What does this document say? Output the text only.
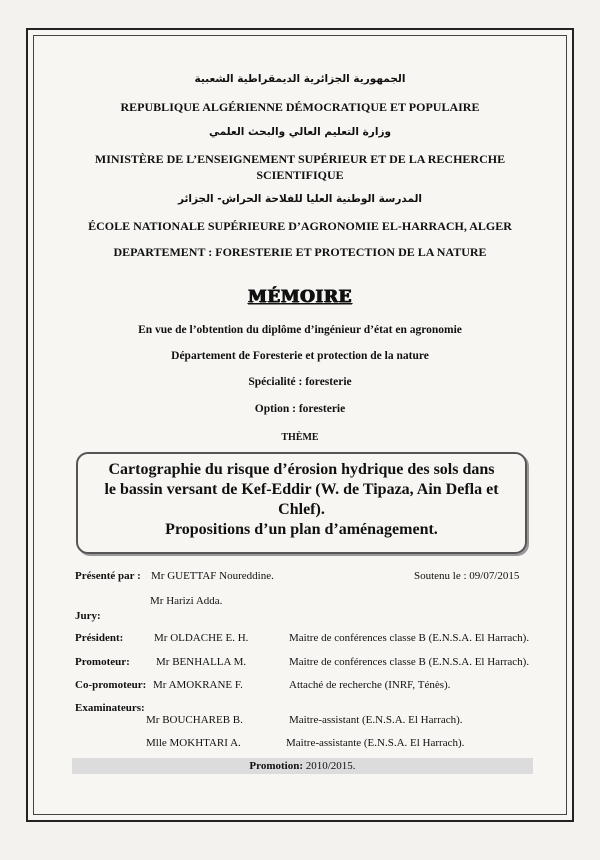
الجمهورية الجزائرية الديمقراطية الشعبية
REPUBLIQUE ALGÉRIENNE DÉMOCRATIQUE ET POPULAIRE
وزارة التعليم العالي والبحث العلمي
MINISTÈRE DE L’ENSEIGNEMENT SUPÉRIEUR ET DE LA RECHERCHE
SCIENTIFIQUE
المدرسة الوطنية العليا للفلاحة الحراش- الجزائر
ÉCOLE NATIONALE SUPÉRIEURE D’AGRONOMIE EL-HARRACH, ALGER
DEPARTEMENT : FORESTERIE ET PROTECTION DE LA NATURE
MÉMOIRE
En vue de l’obtention du diplôme d’ingénieur d’état en agronomie
Département de Foresterie et protection de la nature
Spécialité : foresterie
Option : foresterie
THÈME
Cartographie du risque d’érosion hydrique des sols dans
le bassin versant de Kef-Eddir (W. de Tipaza, Ain Defla et
Chlef).
Propositions d’un plan d’aménagement.
Présenté par : Mr GUETTAF Noureddine.	Soutenu le : 09/07/2015
Mr Harizi Adda.
Jury:
Président:	Mr OLDACHE E. H.	Maitre de conférences classe B (E.N.S.A. El Harrach).
Promoteur: Mr BENHALLA M.	Maitre de conférences classe B (E.N.S.A. El Harrach).
Co-promoteur: Mr AMOKRANE F.	Attaché de recherche (INRF, Ténès).
Examinateurs:
Mr BOUCHAREB B.	Maitre-assistant (E.N.S.A. El Harrach).
Mlle MOKHTARI A.	Maitre-assistante (E.N.S.A. El Harrach).
Promotion: 2010/2015.
